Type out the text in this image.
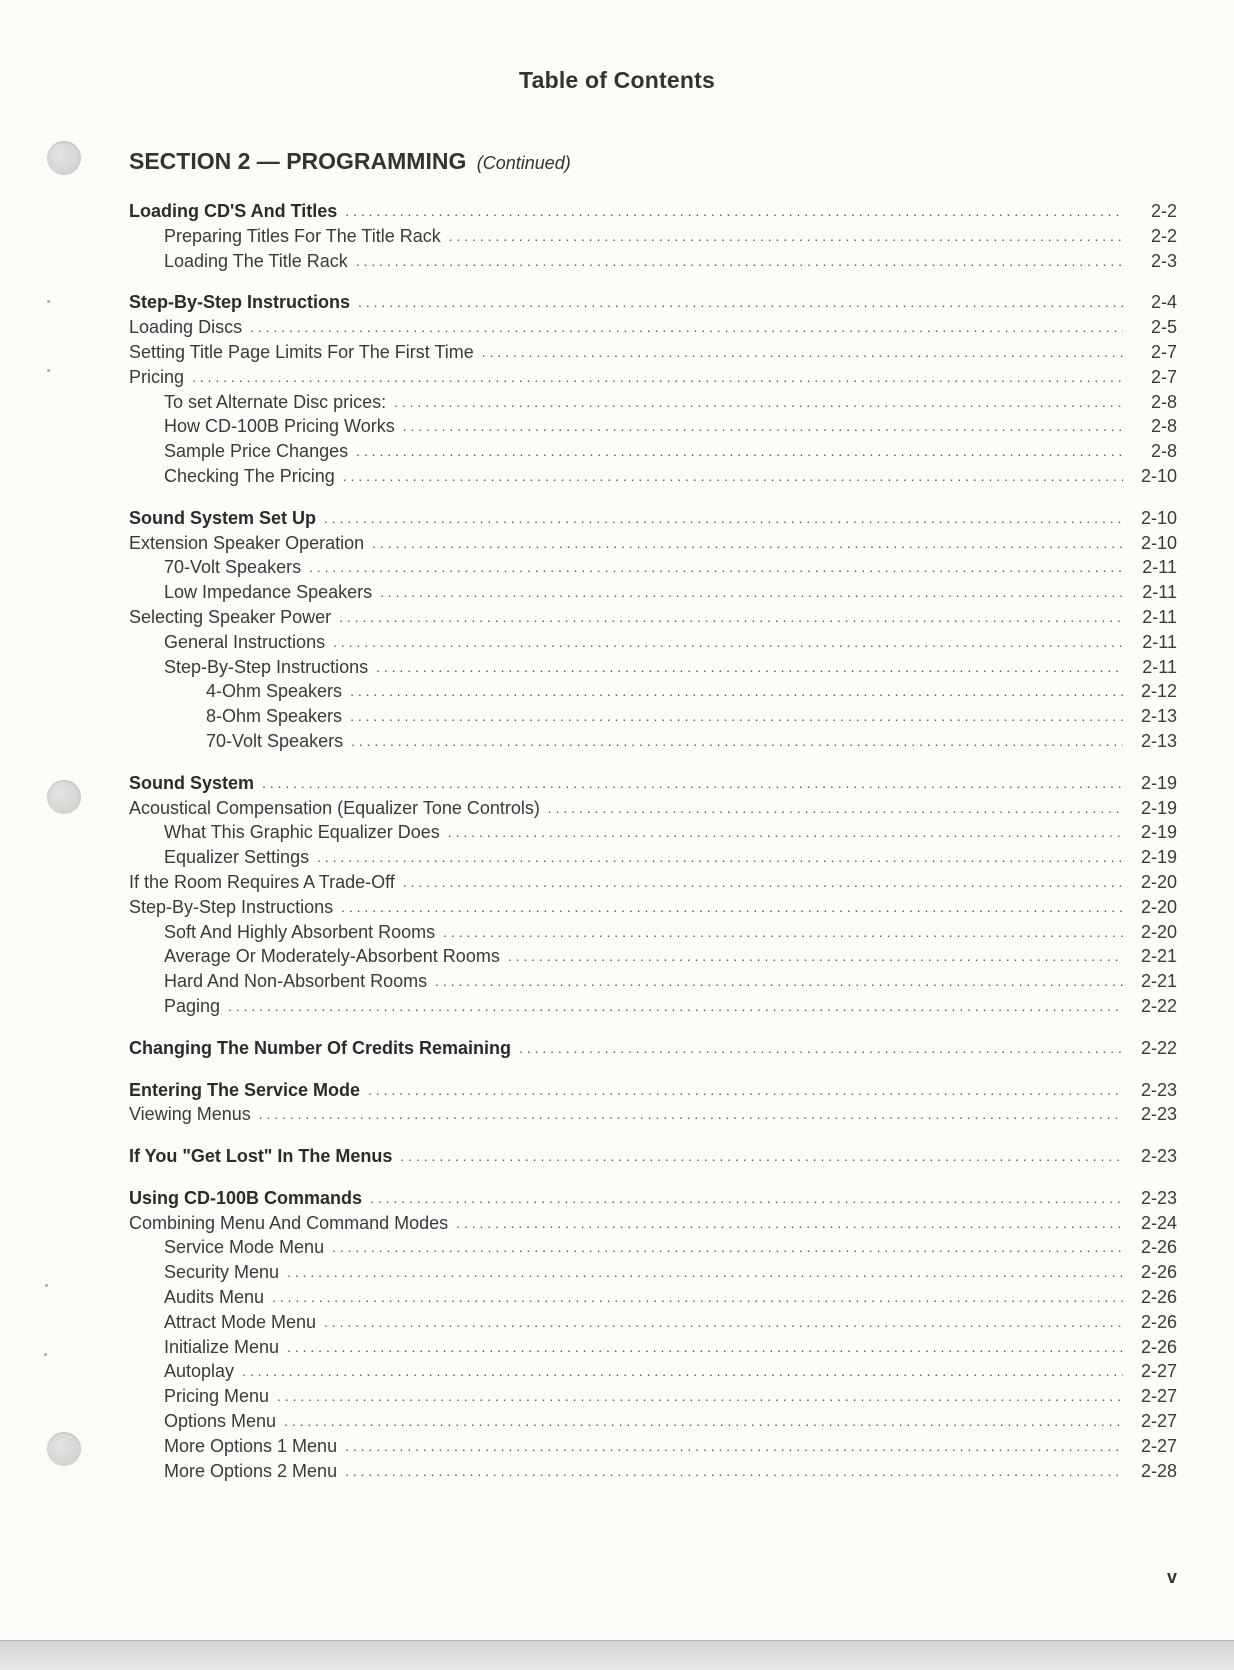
Table of Contents
SECTION 2 — PROGRAMMING (Continued)
Loading CD'S And Titles . . .	2-2
Preparing Titles For The Title Rack . . .	2-2
Loading The Title Rack . . .	2-3
Step-By-Step Instructions . . .	2-4
Loading Discs . . .	2-5
Setting Title Page Limits For The First Time . . .	2-7
Pricing . . .	2-7
To set Alternate Disc prices: . . .	2-8
How CD-100B Pricing Works . . .	2-8
Sample Price Changes . . .	2-8
Checking The Pricing . . .	2-10
Sound System Set Up . . .	2-10
Extension Speaker Operation . . .	2-10
70-Volt Speakers . . .	2-11
Low Impedance Speakers . . .	2-11
Selecting Speaker Power . . .	2-11
General Instructions . . .	2-11
Step-By-Step Instructions . . .	2-11
4-Ohm Speakers . . .	2-12
8-Ohm Speakers . . .	2-13
70-Volt Speakers . . .	2-13
Sound System . . .	2-19
Acoustical Compensation (Equalizer Tone Controls) . . .	2-19
What This Graphic Equalizer Does . . .	2-19
Equalizer Settings . . .	2-19
If the Room Requires A Trade-Off . . .	2-20
Step-By-Step Instructions . . .	2-20
Soft And Highly Absorbent Rooms . . .	2-20
Average Or Moderately-Absorbent Rooms . . .	2-21
Hard And Non-Absorbent Rooms . . .	2-21
Paging . . .	2-22
Changing The Number Of Credits Remaining . . .	2-22
Entering The Service Mode . . .	2-23
Viewing Menus . . .	2-23
If You "Get Lost" In The Menus . . .	2-23
Using CD-100B Commands . . .	2-23
Combining Menu And Command Modes . . .	2-24
Service Mode Menu . . .	2-26
Security Menu . . .	2-26
Audits Menu . . .	2-26
Attract Mode Menu . . .	2-26
Initialize Menu . . .	2-26
Autoplay . . .	2-27
Pricing Menu . . .	2-27
Options Menu . . .	2-27
More Options 1 Menu . . .	2-27
More Options 2 Menu . . .	2-28
v
